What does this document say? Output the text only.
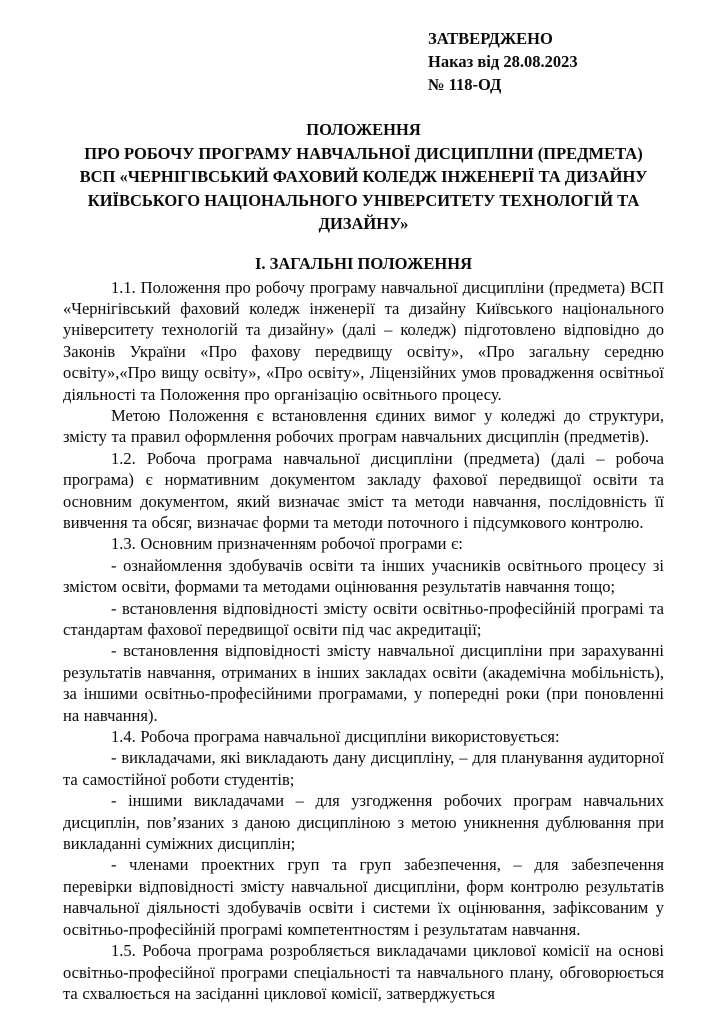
ЗАТВЕРДЖЕНО
Наказ від 28.08.2023
№ 118-ОД
ПОЛОЖЕННЯ
ПРО РОБОЧУ ПРОГРАМУ НАВЧАЛЬНОЇ ДИСЦИПЛІНИ (ПРЕДМЕТА)
ВСП «ЧЕРНІГІВСЬКИЙ ФАХОВИЙ КОЛЕДЖ ІНЖЕНЕРІЇ ТА ДИЗАЙНУ
КИЇВСЬКОГО НАЦІОНАЛЬНОГО УНІВЕРСИТЕТУ ТЕХНОЛОГІЙ ТА
ДИЗАЙНУ»
І. ЗАГАЛЬНІ ПОЛОЖЕННЯ

1.1. Положення про робочу програму навчальної дисципліни (предмета) ВСП «Чернігівський фаховий коледж інженерії та дизайну Київського національного університету технологій та дизайну» (далі – коледж) підготовлено відповідно до Законів України «Про фахову передвищу освіту», «Про загальну середню освіту»,«Про вищу освіту», «Про освіту», Ліцензійних умов провадження освітньої діяльності та Положення про організацію освітнього процесу.

Метою Положення є встановлення єдиних вимог у коледжі до структури, змісту та правил оформлення робочих програм навчальних дисциплін (предметів).

1.2. Робоча програма навчальної дисципліни (предмета) (далі – робоча програма) є нормативним документом закладу фахової передвищої освіти та основним документом, який визначає зміст та методи навчання, послідовність її вивчення та обсяг, визначає форми та методи поточного і підсумкового контролю.

1.3. Основним призначенням робочої програми є:

- ознайомлення здобувачів освіти та інших учасників освітнього процесу зі змістом освіти, формами та методами оцінювання результатів навчання тощо;

- встановлення відповідності змісту освіти освітньо-професійній програмі та стандартам фахової передвищої освіти під час акредитації;

- встановлення відповідності змісту навчальної дисципліни при зарахуванні результатів навчання, отриманих в інших закладах освіти (академічна мобільність), за іншими освітньо-професійними програмами, у попередні роки (при поновленні на навчання).

1.4. Робоча програма навчальної дисципліни використовується:

- викладачами, які викладають дану дисципліну, – для планування аудиторної та самостійної роботи студентів;

- іншими викладачами – для узгодження робочих програм навчальних дисциплін, пов’язаних з даною дисципліною з метою уникнення дублювання при викладанні суміжних дисциплін;

- членами проектних груп та груп забезпечення, – для забезпечення перевірки відповідності змісту навчальної дисципліни, форм контролю результатів навчальної діяльності здобувачів освіти і системи їх оцінювання, зафіксованим у освітньо-професійній програмі компетентностям і результатам навчання.

1.5. Робоча програма розробляється викладачами циклової комісії на основі освітньо-професійної програми спеціальності та навчального плану, обговорюється та схвалюється на засіданні циклової комісії, затверджується
